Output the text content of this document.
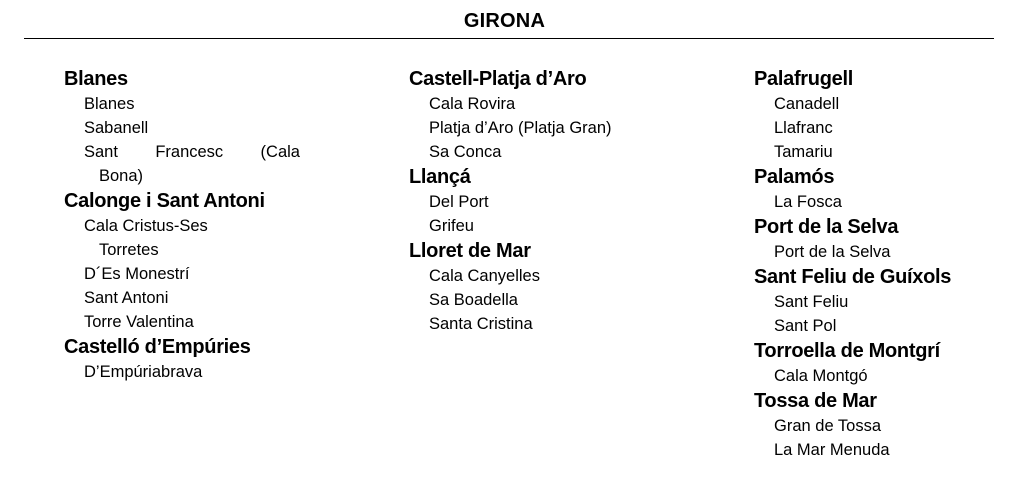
GIRONA
Blanes
Blanes
Sabanell
Sant Francesc (Cala
Bona)
Calonge i Sant Antoni
Cala Cristus-Ses
Torretes
D´Es Monestrí
Sant Antoni
Torre Valentina
Castelló d’Empúries
D’Empúriabrava
Castell-Platja d’Aro
Cala Rovira
Platja d’Aro (Platja Gran)
Sa Conca
Llançá
Del Port
Grifeu
Lloret de Mar
Cala Canyelles
Sa Boadella
Santa Cristina
Palafrugell
Canadell
Llafranc
Tamariu
Palamós
La Fosca
Port de la Selva
Port de la Selva
Sant Feliu de Guíxols
Sant Feliu
Sant Pol
Torroella de Montgrí
Cala Montgó
Tossa de Mar
Gran de Tossa
La Mar Menuda
